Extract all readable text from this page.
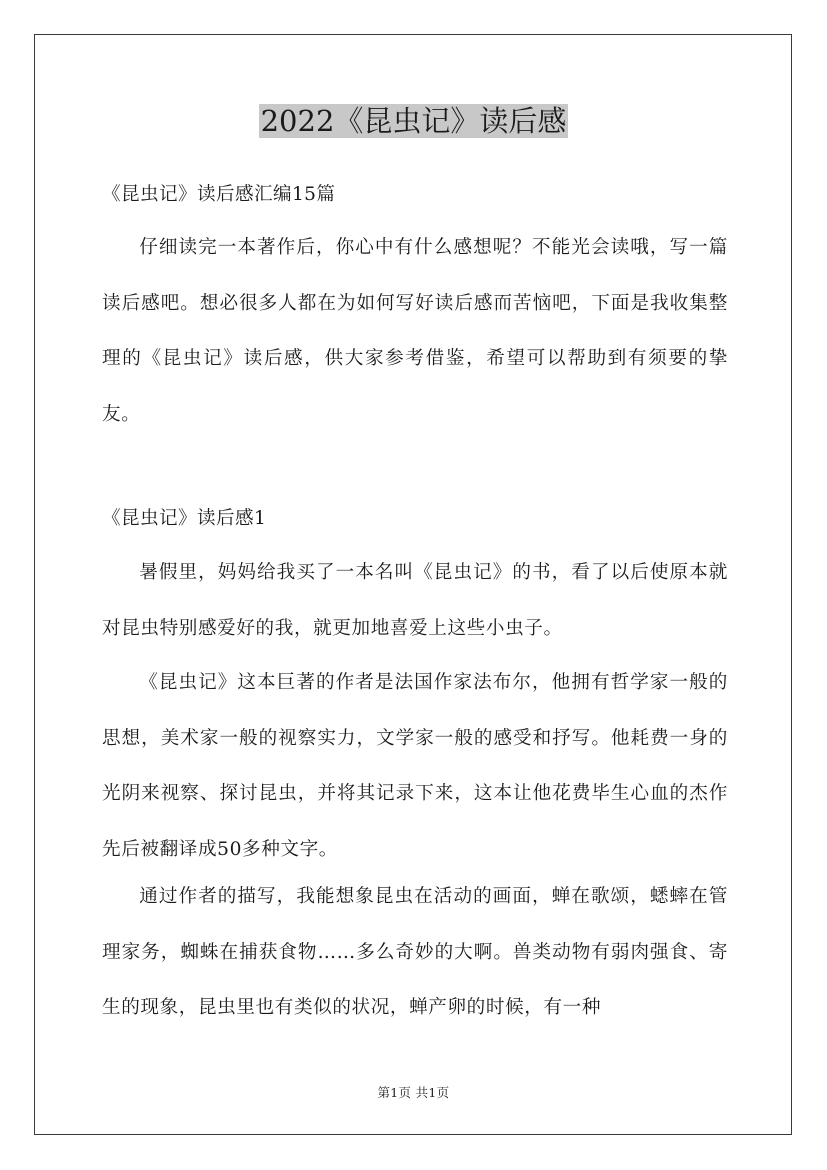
2022《昆虫记》读后感

《昆虫记》读后感汇编15篇

仔细读完一本著作后，你心中有什么感想呢？不能光会读哦，写一篇读后感吧。想必很多人都在为如何写好读后感而苦恼吧，下面是我收集整理的《昆虫记》读后感，供大家参考借鉴，希望可以帮助到有须要的挚友。

《昆虫记》读后感1

暑假里，妈妈给我买了一本名叫《昆虫记》的书，看了以后使原本就对昆虫特别感爱好的我，就更加地喜爱上这些小虫子。

《昆虫记》这本巨著的作者是法国作家法布尔，他拥有哲学家一般的思想，美术家一般的视察实力，文学家一般的感受和抒写。他耗费一身的光阴来视察、探讨昆虫，并将其记录下来，这本让他花费毕生心血的杰作先后被翻译成50多种文字。

通过作者的描写，我能想象昆虫在活动的画面，蝉在歌颂，蟋蟀在管理家务，蜘蛛在捕获食物……多么奇妙的大啊。兽类动物有弱肉强食、寄生的现象，昆虫里也有类似的状况，蝉产卵的时候，有一种

第1页 共1页
